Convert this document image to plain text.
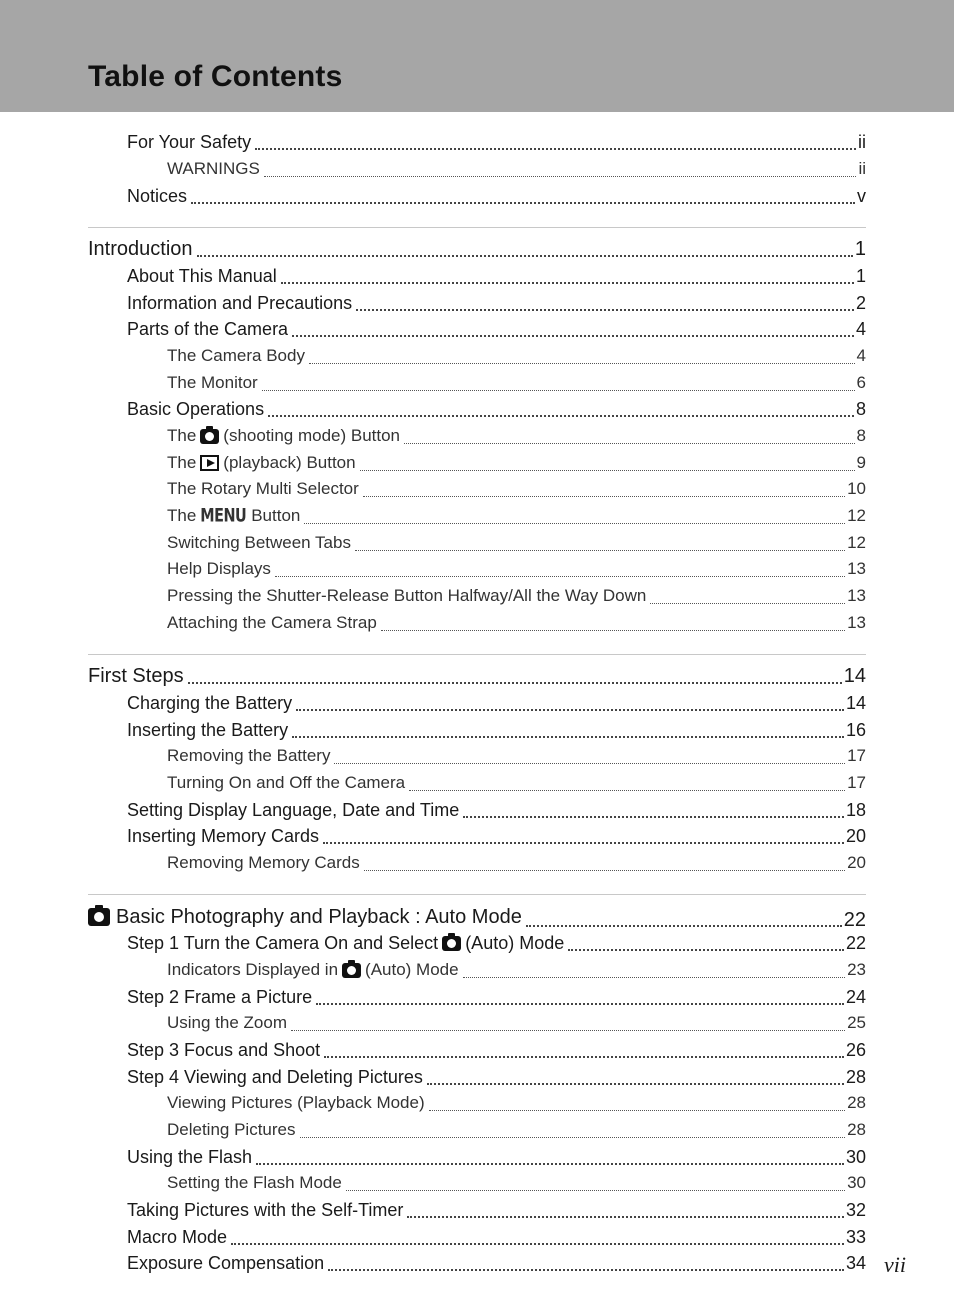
Table of Contents
For Your Safety	ii
WARNINGS	ii
Notices	v
Introduction	1
About This Manual	1
Information and Precautions	2
Parts of the Camera	4
The Camera Body	4
The Monitor	6
Basic Operations	8
The (shooting mode) Button	8
The (playback) Button	9
The Rotary Multi Selector	10
The MENU Button	12
Switching Between Tabs	12
Help Displays	13
Pressing the Shutter-Release Button Halfway/All the Way Down	13
Attaching the Camera Strap	13
First Steps	14
Charging the Battery	14
Inserting the Battery	16
Removing the Battery	17
Turning On and Off the Camera	17
Setting Display Language, Date and Time	18
Inserting Memory Cards	20
Removing Memory Cards	20
Basic Photography and Playback : Auto Mode	22
Step 1 Turn the Camera On and Select (Auto) Mode	22
Indicators Displayed in (Auto) Mode	23
Step 2 Frame a Picture	24
Using the Zoom	25
Step 3 Focus and Shoot	26
Step 4 Viewing and Deleting Pictures	28
Viewing Pictures (Playback Mode)	28
Deleting Pictures	28
Using the Flash	30
Setting the Flash Mode	30
Taking Pictures with the Self-Timer	32
Macro Mode	33
Exposure Compensation	34 vii
